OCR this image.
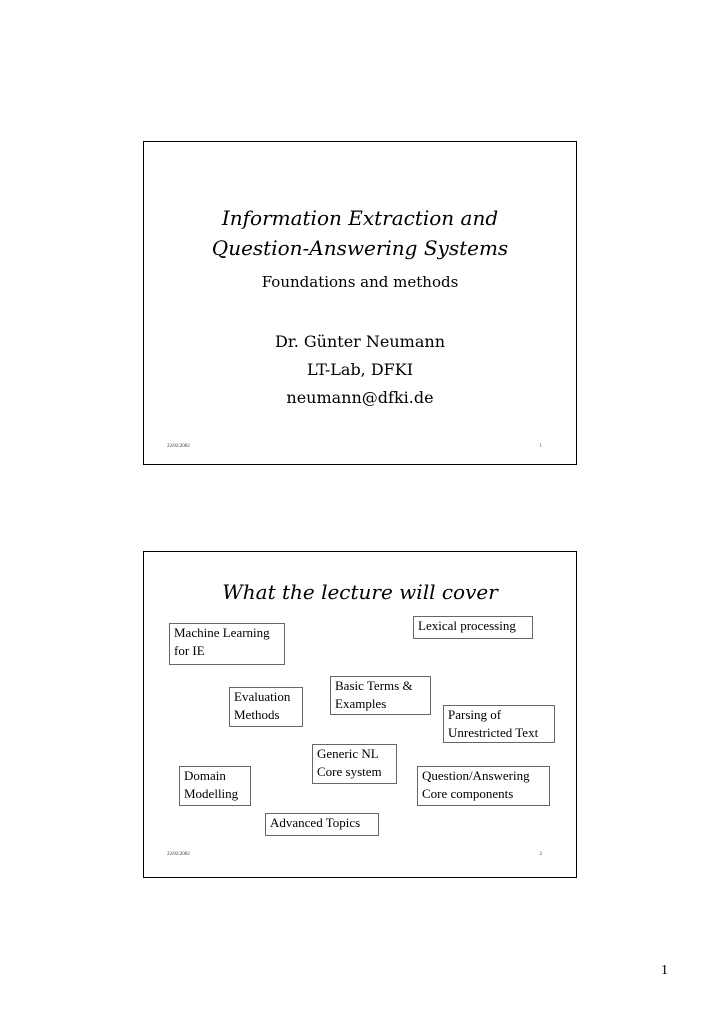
Information Extraction and
Question-Answering Systems
Foundations and methods
Dr. Günter Neumann
LT-Lab, DFKI
neumann@dfki.de
22/02/2002	1
What the lecture will cover
Lexical processing
Machine Learning
for IE
Basic Terms &
Examples
Evaluation
Methods	Parsing of
Unrestricted Text
Generic NL
Core system
Domain
Modelling
Question/Answering
Core components
Advanced Topics
22/02/2002	2
1
